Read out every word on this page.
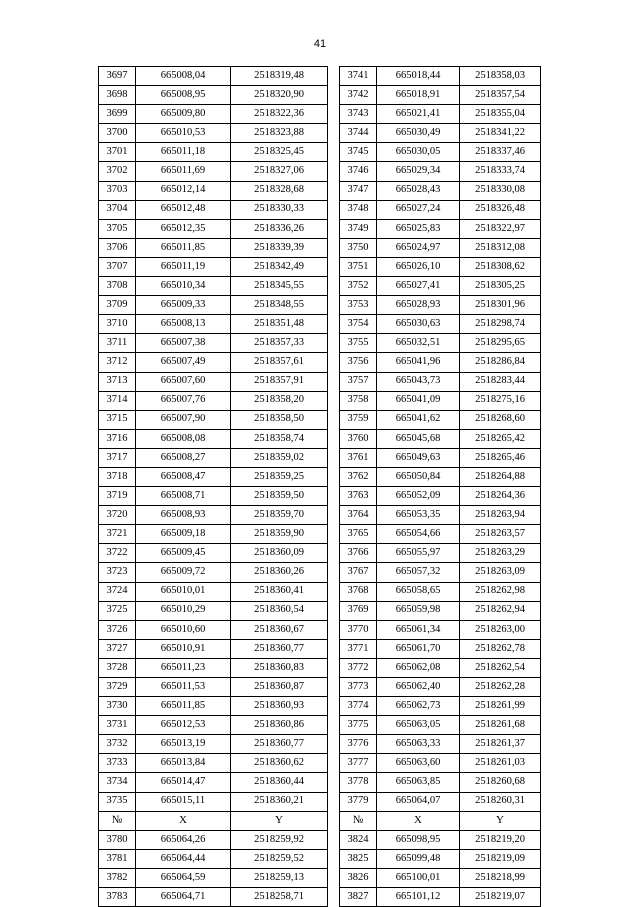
41
3697	665008,04	2518319,48		3741	665018,44	2518358,03
3698	665008,95	2518320,90		3742	665018,91	2518357,54
3699	665009,80	2518322,36		3743	665021,41	2518355,04
3700	665010,53	2518323,88		3744	665030,49	2518341,22
3701	665011,18	2518325,45		3745	665030,05	2518337,46
3702	665011,69	2518327,06		3746	665029,34	2518333,74
3703	665012,14	2518328,68		3747	665028,43	2518330,08
3704	665012,48	2518330,33		3748	665027,24	2518326,48
3705	665012,35	2518336,26		3749	665025,83	2518322,97
3706	665011,85	2518339,39		3750	665024,97	2518312,08
3707	665011,19	2518342,49		3751	665026,10	2518308,62
3708	665010,34	2518345,55		3752	665027,41	2518305,25
3709	665009,33	2518348,55		3753	665028,93	2518301,96
3710	665008,13	2518351,48		3754	665030,63	2518298,74
3711	665007,38	2518357,33		3755	665032,51	2518295,65
3712	665007,49	2518357,61		3756	665041,96	2518286,84
3713	665007,60	2518357,91		3757	665043,73	2518283,44
3714	665007,76	2518358,20		3758	665041,09	2518275,16
3715	665007,90	2518358,50		3759	665041,62	2518268,60
3716	665008,08	2518358,74		3760	665045,68	2518265,42
3717	665008,27	2518359,02		3761	665049,63	2518265,46
3718	665008,47	2518359,25		3762	665050,84	2518264,88
3719	665008,71	2518359,50		3763	665052,09	2518264,36
3720	665008,93	2518359,70		3764	665053,35	2518263,94
3721	665009,18	2518359,90		3765	665054,66	2518263,57
3722	665009,45	2518360,09		3766	665055,97	2518263,29
3723	665009,72	2518360,26		3767	665057,32	2518263,09
3724	665010,01	2518360,41		3768	665058,65	2518262,98
3725	665010,29	2518360,54		3769	665059,98	2518262,94
3726	665010,60	2518360,67		3770	665061,34	2518263,00
3727	665010,91	2518360,77		3771	665061,70	2518262,78
3728	665011,23	2518360,83		3772	665062,08	2518262,54
3729	665011,53	2518360,87		3773	665062,40	2518262,28
3730	665011,85	2518360,93		3774	665062,73	2518261,99
3731	665012,53	2518360,86		3775	665063,05	2518261,68
3732	665013,19	2518360,77		3776	665063,33	2518261,37
3733	665013,84	2518360,62		3777	665063,60	2518261,03
3734	665014,47	2518360,44		3778	665063,85	2518260,68
3735	665015,11	2518360,21		3779	665064,07	2518260,31
№	X	Y		№	X	Y
3780	665064,26	2518259,92		3824	665098,95	2518219,20
3781	665064,44	2518259,52		3825	665099,48	2518219,09
3782	665064,59	2518259,13		3826	665100,01	2518218,99
3783	665064,71	2518258,71		3827	665101,12	2518219,07
